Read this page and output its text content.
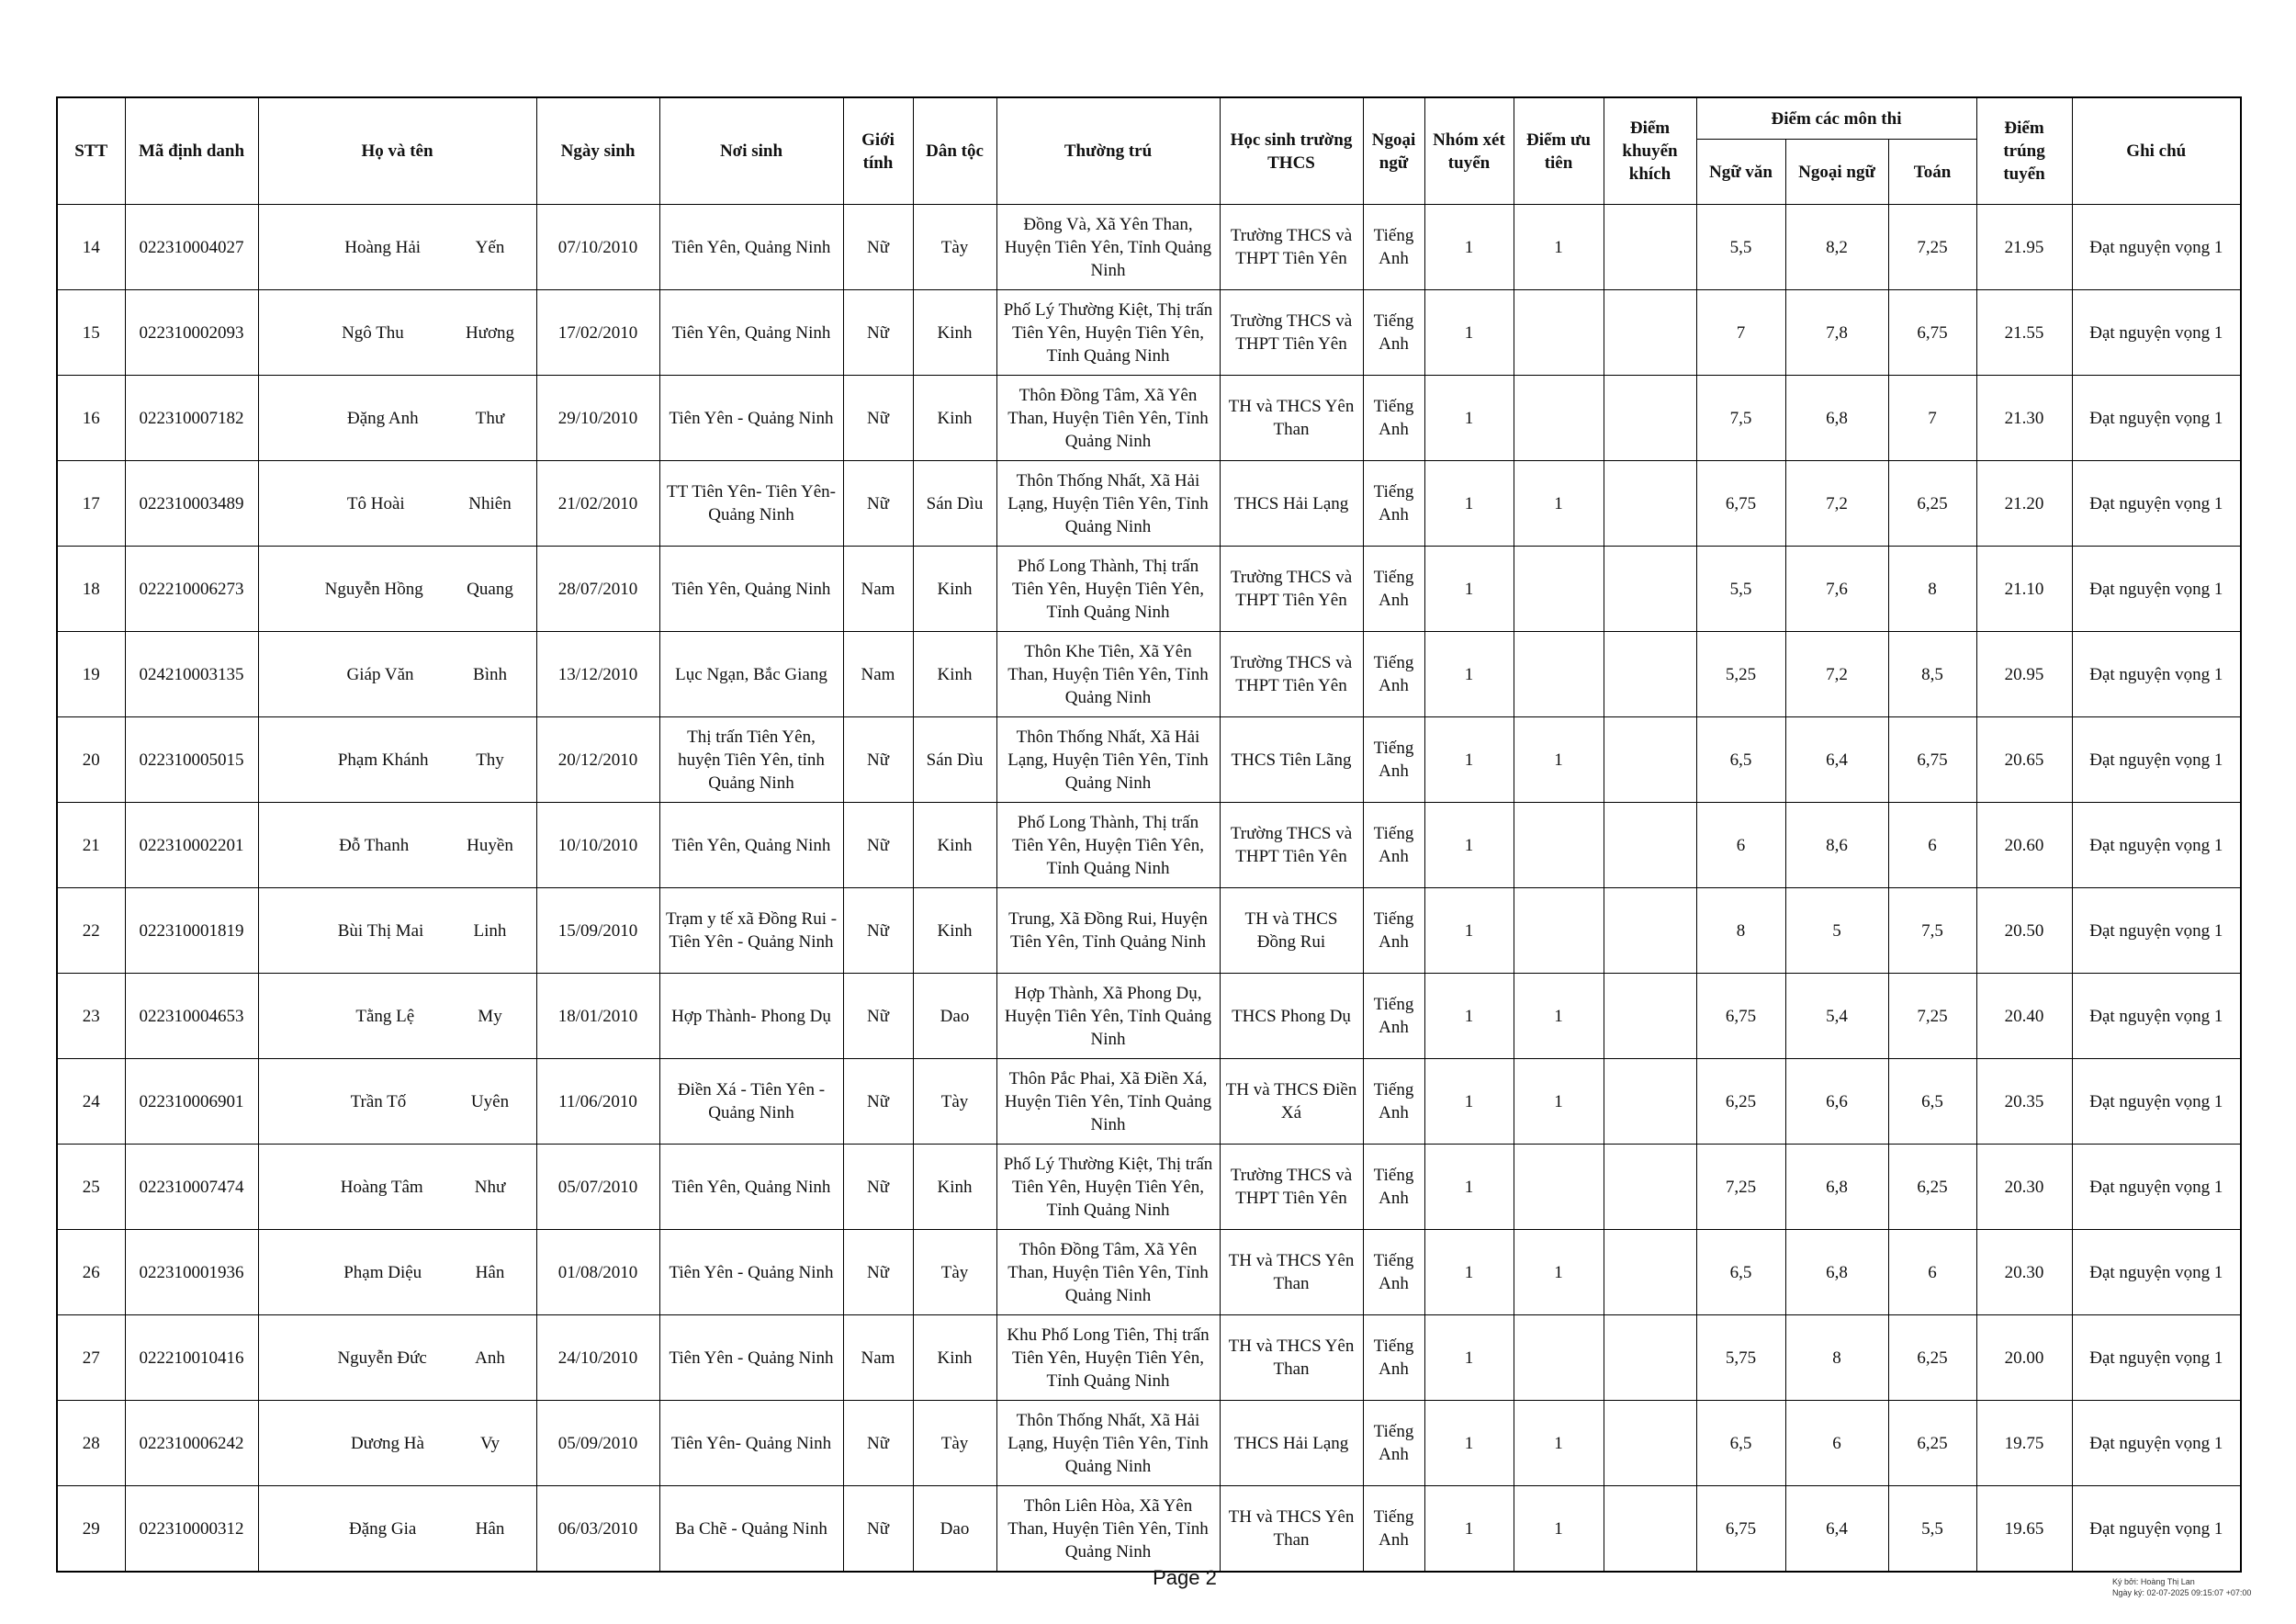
STT	Mã định danh	Họ và tên	Ngày sinh	Nơi sinh	Giới tính	Dân tộc	Thường trú	Học sinh trường THCS	Ngoại ngữ	Nhóm xét tuyển	Điểm ưu tiên	Điểm khuyến khích	Điểm các môn thi			Điểm trúng tuyển	Ghi chú
													Ngữ văn	Ngoại ngữ	Toán		
14	022310004027	Hoàng Hải Yến	07/10/2010	Tiên Yên, Quảng Ninh	Nữ	Tày	Đồng Và, Xã Yên Than, Huyện Tiên Yên, Tỉnh Quảng Ninh	Trường THCS và THPT Tiên Yên	Tiếng Anh	1	1		5,5	8,2	7,25	21.95	Đạt nguyện vọng 1
15	022310002093	Ngô Thu Hương	17/02/2010	Tiên Yên, Quảng Ninh	Nữ	Kinh	Phố Lý Thường Kiệt, Thị trấn Tiên Yên, Huyện Tiên Yên, Tỉnh Quảng Ninh	Trường THCS và THPT Tiên Yên	Tiếng Anh	1			7	7,8	6,75	21.55	Đạt nguyện vọng 1
16	022310007182	Đặng Anh Thư	29/10/2010	Tiên Yên - Quảng Ninh	Nữ	Kinh	Thôn Đồng Tâm, Xã Yên Than, Huyện Tiên Yên, Tỉnh Quảng Ninh	TH và THCS Yên Than	Tiếng Anh	1			7,5	6,8	7	21.30	Đạt nguyện vọng 1
17	022310003489	Tô Hoài Nhiên	21/02/2010	TT Tiên Yên- Tiên Yên- Quảng Ninh	Nữ	Sán Dìu	Thôn Thống Nhất, Xã Hải Lạng, Huyện Tiên Yên, Tỉnh Quảng Ninh	THCS Hải Lạng	Tiếng Anh	1	1		6,75	7,2	6,25	21.20	Đạt nguyện vọng 1
18	022210006273	Nguyễn Hồng Quang	28/07/2010	Tiên Yên, Quảng Ninh	Nam	Kinh	Phố Long Thành, Thị trấn Tiên Yên, Huyện Tiên Yên, Tỉnh Quảng Ninh	Trường THCS và THPT Tiên Yên	Tiếng Anh	1			5,5	7,6	8	21.10	Đạt nguyện vọng 1
19	024210003135	Giáp Văn Bình	13/12/2010	Lục Ngạn, Bắc Giang	Nam	Kinh	Thôn Khe Tiên, Xã Yên Than, Huyện Tiên Yên, Tỉnh Quảng Ninh	Trường THCS và THPT Tiên Yên	Tiếng Anh	1			5,25	7,2	8,5	20.95	Đạt nguyện vọng 1
20	022310005015	Phạm Khánh Thy	20/12/2010	Thị trấn Tiên Yên, huyện Tiên Yên, tỉnh Quảng Ninh	Nữ	Sán Dìu	Thôn Thống Nhất, Xã Hải Lạng, Huyện Tiên Yên, Tỉnh Quảng Ninh	THCS Tiên Lãng	Tiếng Anh	1	1		6,5	6,4	6,75	20.65	Đạt nguyện vọng 1
21	022310002201	Đỗ Thanh Huyền	10/10/2010	Tiên Yên, Quảng Ninh	Nữ	Kinh	Phố Long Thành, Thị trấn Tiên Yên, Huyện Tiên Yên, Tỉnh Quảng Ninh	Trường THCS và THPT Tiên Yên	Tiếng Anh	1			6	8,6	6	20.60	Đạt nguyện vọng 1
22	022310001819	Bùi Thị Mai Linh	15/09/2010	Trạm y tế xã Đồng Rui - Tiên Yên - Quảng Ninh	Nữ	Kinh	Trung, Xã Đồng Rui, Huyện Tiên Yên, Tỉnh Quảng Ninh	TH và THCS Đồng Rui	Tiếng Anh	1			8	5	7,5	20.50	Đạt nguyện vọng 1
23	022310004653	Tằng Lệ My	18/01/2010	Hợp Thành- Phong Dụ	Nữ	Dao	Hợp Thành, Xã Phong Dụ, Huyện Tiên Yên, Tỉnh Quảng Ninh	THCS Phong Dụ	Tiếng Anh	1	1		6,75	5,4	7,25	20.40	Đạt nguyện vọng 1
24	022310006901	Trần Tố Uyên	11/06/2010	Điền Xá - Tiên Yên - Quảng Ninh	Nữ	Tày	Thôn Pắc Phai, Xã Điền Xá, Huyện Tiên Yên, Tỉnh Quảng Ninh	TH và THCS Điền Xá	Tiếng Anh	1	1		6,25	6,6	6,5	20.35	Đạt nguyện vọng 1
25	022310007474	Hoàng Tâm Như	05/07/2010	Tiên Yên, Quảng Ninh	Nữ	Kinh	Phố Lý Thường Kiệt, Thị trấn Tiên Yên, Huyện Tiên Yên, Tỉnh Quảng Ninh	Trường THCS và THPT Tiên Yên	Tiếng Anh	1			7,25	6,8	6,25	20.30	Đạt nguyện vọng 1
26	022310001936	Phạm Diệu Hân	01/08/2010	Tiên Yên - Quảng Ninh	Nữ	Tày	Thôn Đồng Tâm, Xã Yên Than, Huyện Tiên Yên, Tỉnh Quảng Ninh	TH và THCS Yên Than	Tiếng Anh	1	1		6,5	6,8	6	20.30	Đạt nguyện vọng 1
27	022210010416	Nguyễn Đức Anh	24/10/2010	Tiên Yên - Quảng Ninh	Nam	Kinh	Khu Phố Long Tiên, Thị trấn Tiên Yên, Huyện Tiên Yên, Tỉnh Quảng Ninh	TH và THCS Yên Than	Tiếng Anh	1			5,75	8	6,25	20.00	Đạt nguyện vọng 1
28	022310006242	Dương Hà Vy	05/09/2010	Tiên Yên- Quảng Ninh	Nữ	Tày	Thôn Thống Nhất, Xã Hải Lạng, Huyện Tiên Yên, Tỉnh Quảng Ninh	THCS Hải Lạng	Tiếng Anh	1	1		6,5	6	6,25	19.75	Đạt nguyện vọng 1
29	022310000312	Đặng Gia Hân	06/03/2010	Ba Chẽ - Quảng Ninh	Nữ	Dao	Thôn Liên Hòa, Xã Yên Than, Huyện Tiên Yên, Tỉnh Quảng Ninh	TH và THCS Yên Than	Tiếng Anh	1	1		6,75	6,4	5,5	19.65	Đạt nguyện vọng 1
Page 2	Ký bởi: Hoàng Thị Lan
Ngày ký: 02-07-2025 09:15:07 +07:00
